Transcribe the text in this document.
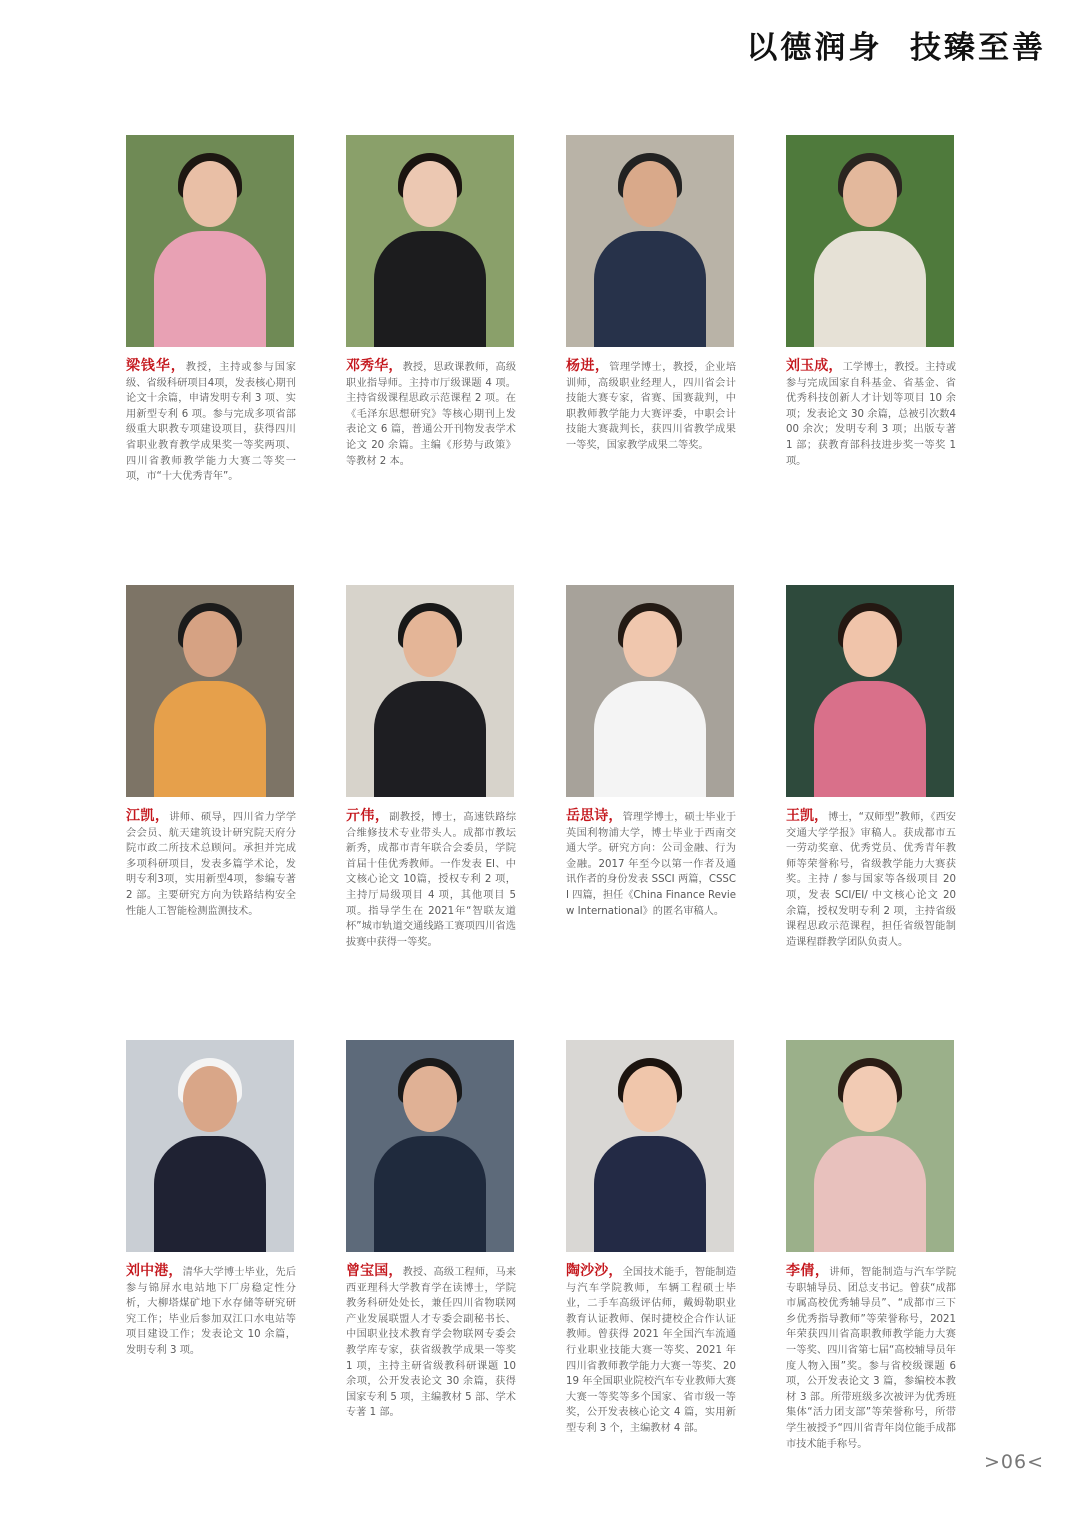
以德润身  技臻至善
梁钱华，教授，主持或参与国家级、省级科研项目4项，发表核心期刊论文十余篇，申请发明专利 3 项、实用新型专利 6 项。参与完成多项省部级重大职教专项建设项目，获得四川省职业教育教学成果奖一等奖两项、四川省教师教学能力大赛二等奖一项，市“十大优秀青年”。
邓秀华，教授，思政课教师，高级职业指导师。主持市厅级课题 4 项。主持省级课程思政示范课程 2 项。在《毛泽东思想研究》等核心期刊上发表论文 6 篇，普通公开刊物发表学术论文 20 余篇。主编《形势与政策》等教材 2 本。
杨进，管理学博士，教授，企业培训师，高级职业经理人，四川省会计技能大赛专家，省赛、国赛裁判，中职教师教学能力大赛评委，中职会计技能大赛裁判长，获四川省教学成果一等奖，国家教学成果二等奖。
刘玉成，工学博士，教授。主持或参与完成国家自科基金、省基金、省优秀科技创新人才计划等项目 10 余项；发表论文 30 余篇，总被引次数400 余次；发明专利 3 项；出版专著 1 部；获教育部科技进步奖一等奖 1 项。
江凯，讲师、硕导，四川省力学学会会员、航天建筑设计研究院天府分院市政二所技术总顾问。承担并完成多项科研项目，发表多篇学术论，发明专利3项，实用新型4项，参编专著 2 部。主要研究方向为铁路结构安全性能人工智能检测监测技术。
亓伟，副教授，博士，高速铁路综合维修技术专业带头人。成都市教坛新秀，成都市青年联合会委员，学院首届十佳优秀教师。一作发表 EI、中文核心论文 10篇，授权专利 2 项，主持厅局级项目 4 项，其他项目 5 项。指导学生在 2021年“智联友道杯”城市轨道交通线路工赛项四川省选拔赛中获得一等奖。
岳思诗，管理学博士，硕士毕业于英国利物浦大学，博士毕业于西南交通大学。研究方向：公司金融、行为金融。2017 年至今以第一作者及通讯作者的身份发表 SSCI 两篇，CSSCI 四篇，担任《China Finance Review International》的匿名审稿人。
王凯，博士，“双师型”教师，《西安交通大学学报》审稿人。获成都市五一劳动奖章、优秀党员、优秀青年教师等荣誉称号，省级教学能力大赛获奖。主持 / 参与国家等各级项目 20 项，发表 SCI/EI/ 中文核心论文 20 余篇，授权发明专利 2 项，主持省级课程思政示范课程，担任省级智能制造课程群教学团队负责人。
刘中港，清华大学博士毕业，先后参与锦屏水电站地下厂房稳定性分析，大柳塔煤矿地下水存储等研究研究工作；毕业后参加双江口水电站等项目建设工作；发表论文 10 余篇，发明专利 3 项。
曾宝国，教授、高级工程师，马来西亚理科大学教育学在读博士，学院教务科研处处长，兼任四川省物联网产业发展联盟人才专委会副秘书长、中国职业技术教育学会物联网专委会教学库专家，获省级教学成果一等奖 1 项，主持主研省级教科研课题 10 余项，公开发表论文 30 余篇，获得国家专利 5 项，主编教材 5 部、学术专著 1 部。
陶沙沙，全国技术能手，智能制造与汽车学院教师，车辆工程硕士毕业，二手车高级评估师，戴姆勒职业教育认证教师、保时捷校企合作认证教师。曾获得 2021 年全国汽车流通行业职业技能大赛一等奖、2021 年四川省教师教学能力大赛一等奖、2019 年全国职业院校汽车专业教师大赛大赛一等奖等多个国家、省市级一等奖，公开发表核心论文 4 篇，实用新型专利 3 个，主编教材 4 部。
李倩，讲师，智能制造与汽车学院专职辅导员、团总支书记。曾获“成都市属高校优秀辅导员”、“成都市三下乡优秀指导教师”等荣誉称号，2021 年荣获四川省高职教师教学能力大赛一等奖、四川省第七届“高校辅导员年度人物入围”奖。参与省校级课题 6 项，公开发表论文 3 篇，参编校本教材 3 部。所带班级多次被评为优秀班集体“活力团支部”等荣誉称号，所带学生被授予“四川省青年岗位能手成都市技术能手称号。
>06<
